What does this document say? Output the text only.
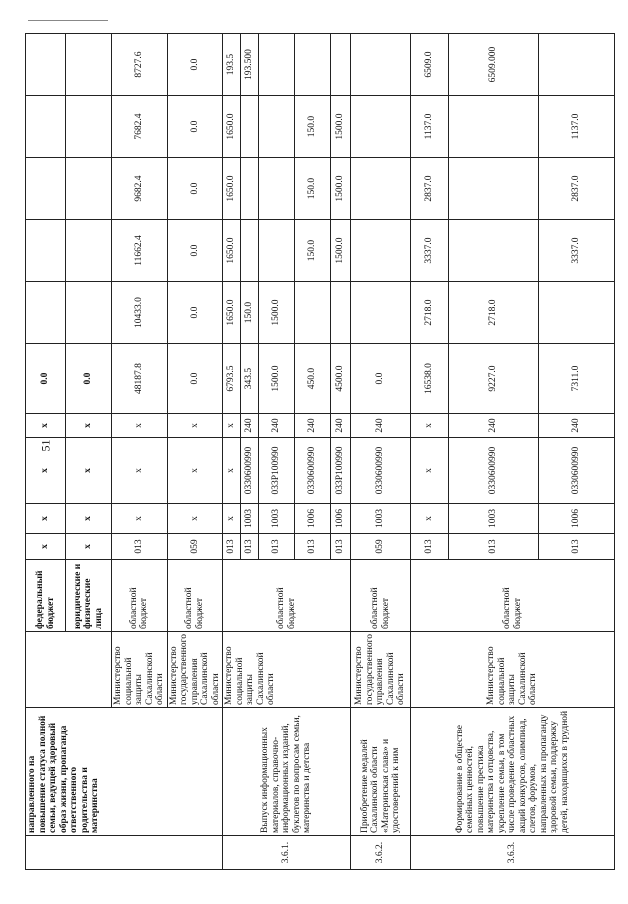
51
	направленного на повышение статуса полной семьи, ведущей здоровый образ жизни, пропаганда ответственного родительства и материнства		федеральный бюджет	x	x	x	x	0.0						
			юридические и физические лица	x	x	x	x	0.0						
		Министерство социальной защиты Сахалинской области	областной бюджет	013	x	x	x	48187.8	10433.0	11662.4	9682.4	7682.4	8727.6	
		Министерство государственного управления Сахалинской области	областной бюджет	059	x	x	x	0.0	0.0	0.0	0.0	0.0	0.0	
3.6.1.	Выпуск информационных материалов, справочно-информационных изданий, буклетов по вопросам семьи, материнства и детства	Министерство социальной защиты Сахалинской области	областной бюджет	013	x	x	x	6793.5	1650.0	1650.0	1650.0	1650.0	193.5	
				013	1003	0330600990	240	343.5	150.0				193.500	
				013	1003	033P100990	240	1500.0	1500.0					
				013	1006	0330600990	240	450.0		150.0	150.0	150.0		
				013	1006	033P100990	240	4500.0		1500.0	1500.0	1500.0		
3.6.2.	Приобретение медалей Сахалинской области «Материнская слава» и удостоверений к ним	Министерство государственного управления Сахалинской области	областной бюджет	059	1003	0330600990	240	0.0						
3.6.3.	Формирование в обществе семейных ценностей, повышение престижа материнства и отцовства, укрепление семьи, в том числе проведение областных акций конкурсов, олимпиад, слетов, форумов, направленных на пропаганду здоровой семьи, поддержку детей, находящихся в трудной	Министерство социальной защиты Сахалинской области	областной бюджет	013	x	x	x	16538.0	2718.0	3337.0	2837.0	1137.0	6509.0	
				013	1003	0330600990	240	9227.0	2718.0				6509.000	
				013	1006	0330600990	240	7311.0		3337.0	2837.0	1137.0		
